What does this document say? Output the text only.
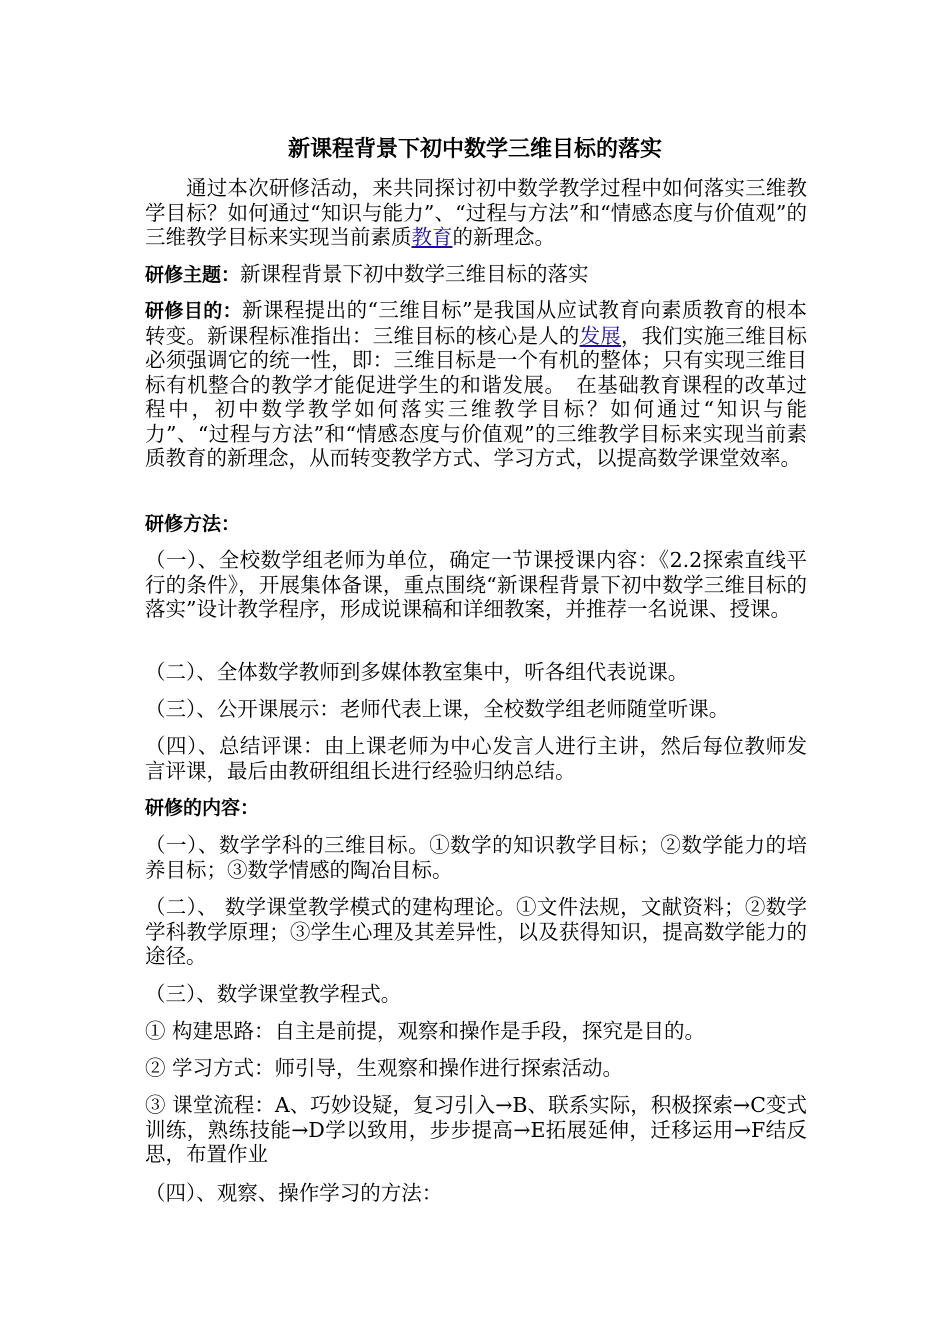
新课程背景下初中数学三维目标的落实

通过本次研修活动，来共同探讨初中数学教学过程中如何落实三维教学目标？如何通过“知识与能力”、“过程与方法”和“情感态度与价值观”的三维教学目标来实现当前素质教育的新理念。

研修主题：新课程背景下初中数学三维目标的落实

研修目的：新课程提出的“三维目标”是我国从应试教育向素质教育的根本转变。新课程标准指出：三维目标的核心是人的发展，我们实施三维目标必须强调它的统一性，即：三维目标是一个有机的整体；只有实现三维目标有机整合的教学才能促进学生的和谐发展。　在基础教育课程的改革过程中，初中数学教学如何落实三维教学目标？如何通过“知识与能力”、“过程与方法”和“情感态度与价值观”的三维教学目标来实现当前素质教育的新理念，从而转变教学方式、学习方式，以提高数学课堂效率。

研修方法：

（一）、全校数学组老师为单位，确定一节课授课内容：《2.2探索直线平行的条件》，开展集体备课，重点围绕“新课程背景下初中数学三维目标的落实”设计教学程序，形成说课稿和详细教案，并推荐一名说课、授课。

（二）、全体数学教师到多媒体教室集中，听各组代表说课。

（三）、公开课展示：老师代表上课，全校数学组老师随堂听课。

（四）、总结评课：由上课老师为中心发言人进行主讲，然后每位教师发言评课，最后由教研组组长进行经验归纳总结。

研修的内容：

（一）、数学学科的三维目标。①数学的知识教学目标；②数学能力的培养目标；③数学情感的陶冶目标。

（二）、 数学课堂教学模式的建构理论。①文件法规，文献资料；②数学学科教学原理；③学生心理及其差异性，以及获得知识，提高数学能力的途径。

（三）、数学课堂教学程式。

① 构建思路：自主是前提，观察和操作是手段，探究是目的。

② 学习方式：师引导，生观察和操作进行探索活动。

③ 课堂流程：A、巧妙设疑，复习引入→B、联系实际，积极探索→C变式训练，熟练技能→D学以致用，步步提高→E拓展延伸，迁移运用→F结反思，布置作业

（四）、观察、操作学习的方法：
